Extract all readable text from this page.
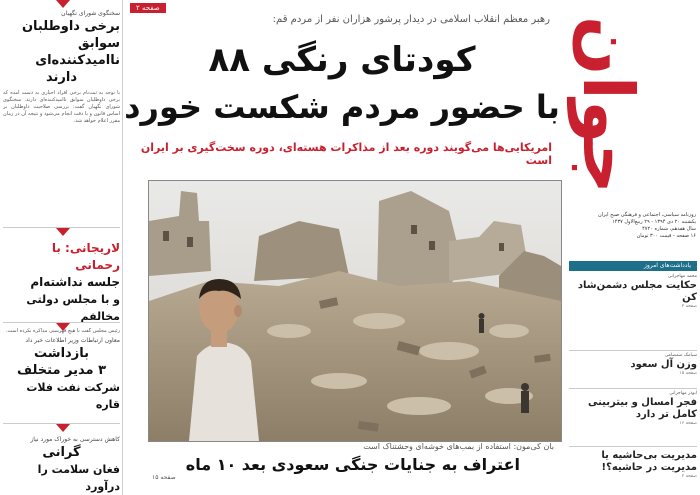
سخنگوی شورای نگهبان
برخی داوطلبان
سوابق ناامیدکننده‌ای
دارند
با توجه به ثبت‌نام برخی افراد اخباری به دست آمده که برخی داوطلبان سوابق ناامیدکننده‌ای دارند. سخنگوی شورای نگهبان گفت: بررسی صلاحیت داوطلبان بر اساس قانون و با دقت انجام می‌شود و نتیجه آن در زمان مقرر اعلام خواهد شد.
لاریجانی: با رحمانی
جلسه نداشته‌ام
و با مجلس دولتی مخالفم
رئیس مجلس گفت با هیچ فهرستی مذاکره نکرده است.
معاون ارتباطات وزیر اطلاعات خبر داد
بازداشت
۳ مدیر متخلف
شرکت نفت فلات قاره
کاهش دسترسی به خوراک مورد نیاز
گرانی
فغان سلامت را درآورد
صفحه ۲
رهبر معظم انقلاب اسلامی در دیدار پرشور هزاران نفر از مردم قم:
کودتای رنگی ۸۸
با حضور مردم شکست خورد
امریکایی‌ها می‌گویند دوره بعد از مذاکرات هسته‌ای، دوره سخت‌گیری بر ایران است
بان کی‌مون: استفاده از بمب‌های خوشه‌ای وحشتناک است
اعتراف به جنایات جنگی سعودی بعد ۱۰ ماه
صفحه ۱۵
جوان
روزنامه سیاسی، اجتماعی و فرهنگی صبح ایران
یکشنبه ۲۰ دی ۱۳۹۴ - ۲۹ ربیع‌الاول ۱۴۳۷
سال هفدهم، شماره ۴۷۲۰
۱۶ صفحه - قیمت ۳۰۰ تومان
یادداشت‌های امروز
محمد مهاجرانی
حکایت مجلس دشمن‌شاد کن
صفحه ۲
سیامک صمصامی
وزن آل سعود
صفحه ۱۵
ابوذر مهاجرانی
فجر امسال و بیتربینی کامل تر دارد
صفحه ۱۶
مدیریت بی‌حاشیه یا مدیریت در حاشیه؟!
صفحه ۲
